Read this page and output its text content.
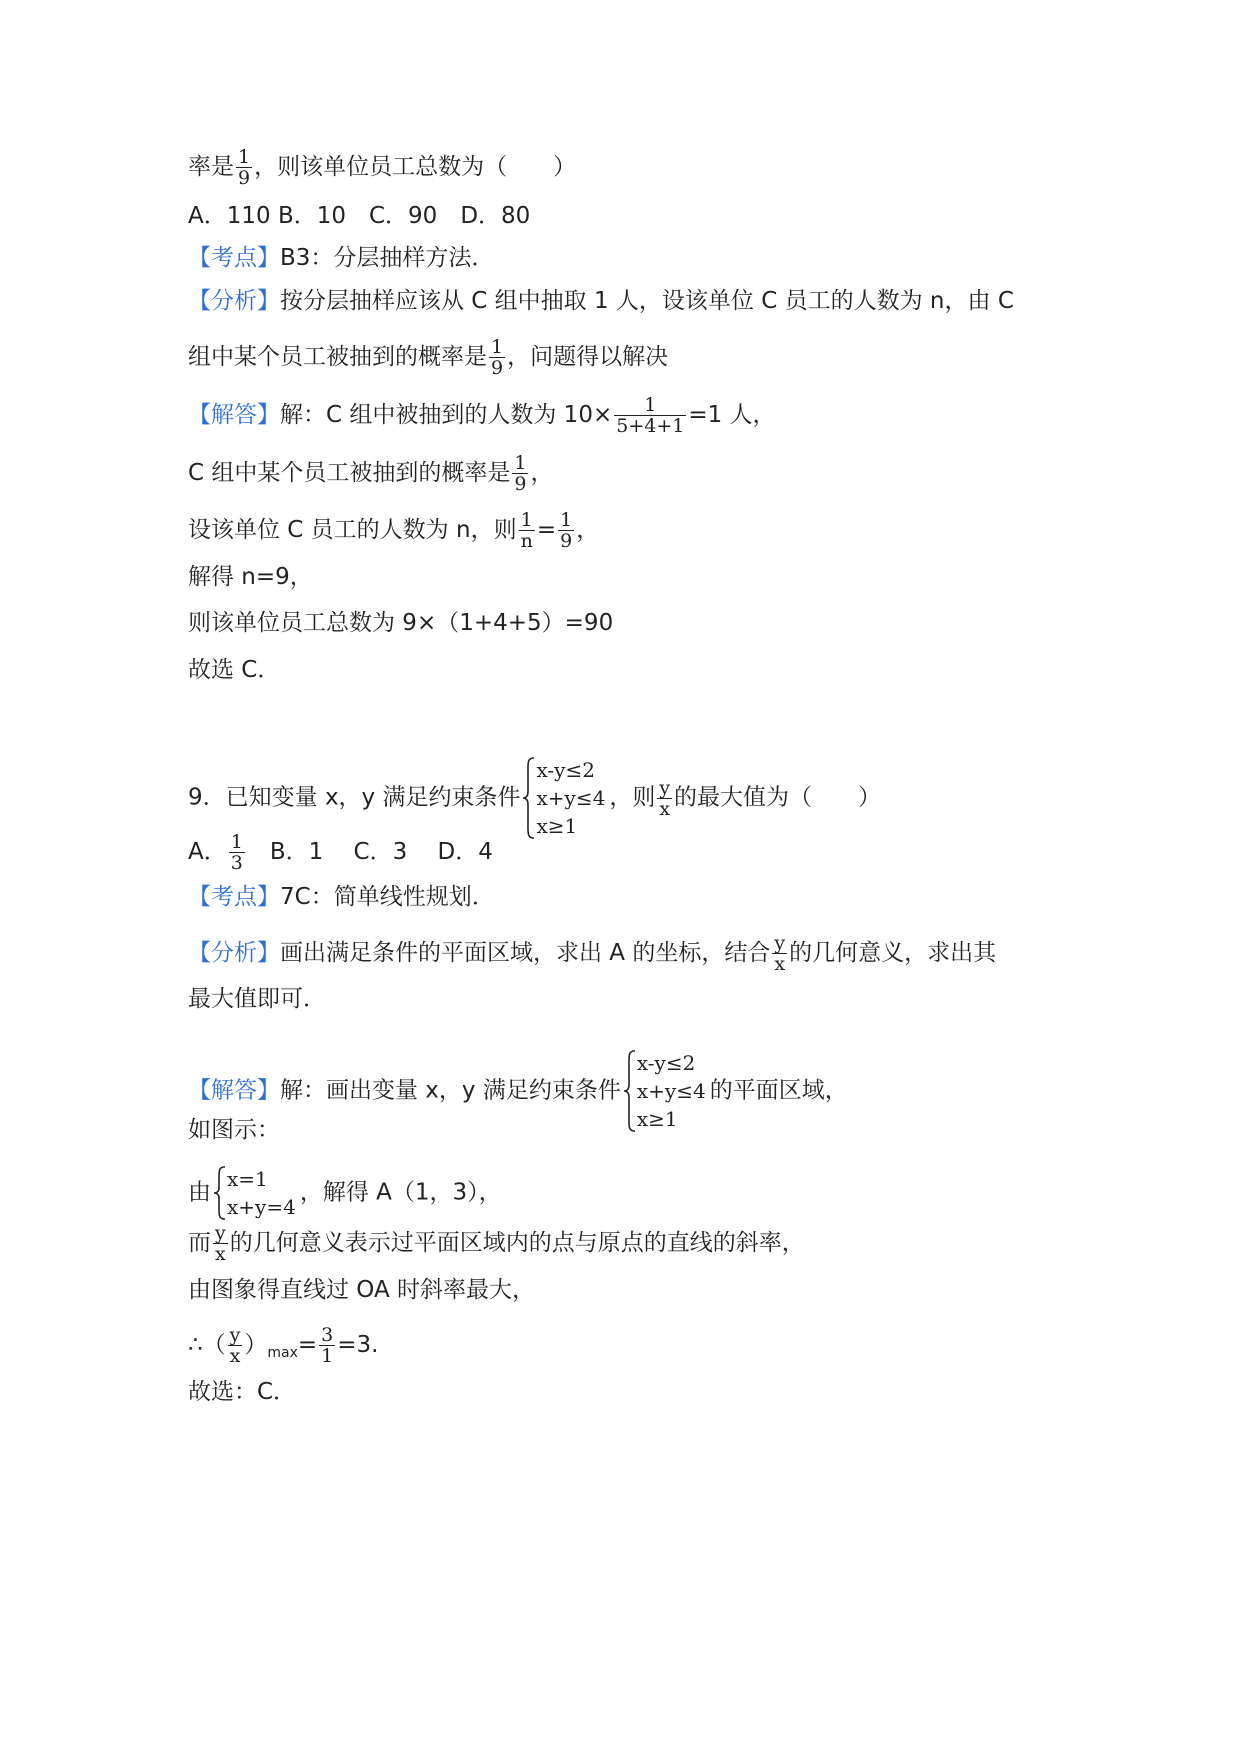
率是 $\frac{1}{9}$ ，则该单位员工总数为（　　）
A．110 B．10　C．90　D．80
【考点】B3：分层抽样方法．
【分析】按分层抽样应该从 C 组中抽取 1 人，设该单位 C 员工的人数为 n，由 C
组中某个员工被抽到的概率是 $\frac{1}{9}$ ，问题得以解决
【解答】解：C 组中被抽到的人数为 $10\times \frac{1}{5+4+1} =1$ 人，
C 组中某个员工被抽到的概率是 $\frac{1}{9}$ ，
设该单位 C 员工的人数为 n，则 $\frac{1}{n} = \frac{1}{9}$ ，
解得 n=9，
则该单位员工总数为 9×（1+4+5）=90
故选 C．
9．已知变量 x，y 满足约束条件
x-y≤2
x+y≤4
x≥1
，则 $\frac{y}{x}$ 的最大值为（　　）
A． $\frac{1}{3}$ 　B．1　 C．3　 D．4
【考点】7C：简单线性规划．
【分析】画出满足条件的平面区域，求出 A 的坐标，结合 $\frac{y}{x}$ 的几何意义，求出其
最大值即可．
【解答】解：画出变量 x，y 满足约束条件
x-y≤2
x+y≤4
x≥1
的平面区域，
如图示：
由
x=1
x+y=4
，解得 A（1，3），
而 $\frac{y}{x}$ 的几何意义表示过平面区域内的点与原点的直线的斜率，
由图象得直线过 OA 时斜率最大，
∴（ $\frac{y}{x} )_{max}= \frac{3}{1} =3$.
故选：C．
